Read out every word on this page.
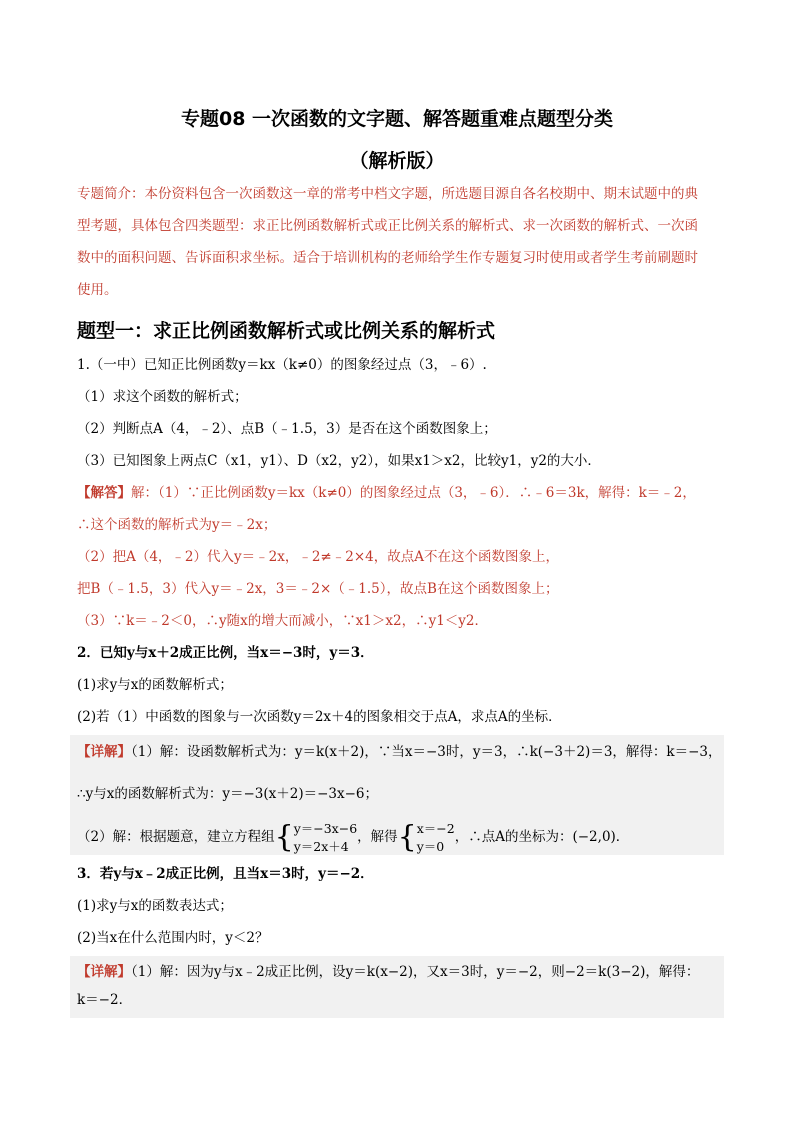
专题08 一次函数的文字题、解答题重难点题型分类
（解析版）
专题简介：本份资料包含一次函数这一章的常考中档文字题，所选题目源自各名校期中、期末试题中的典
型考题，具体包含四类题型：求正比例函数解析式或正比例关系的解析式、求一次函数的解析式、一次函
数中的面积问题、告诉面积求坐标。适合于培训机构的老师给学生作专题复习时使用或者学生考前刷题时
使用。
题型一：求正比例函数解析式或比例关系的解析式
1.（一中）已知正比例函数y＝kx（k≠0）的图象经过点（3，﹣6）.
（1）求这个函数的解析式；
（2）判断点A（4，﹣2）、点B（﹣1.5，3）是否在这个函数图象上；
（3）已知图象上两点C（x1，y1）、D（x2，y2），如果x1＞x2，比较y1，y2的大小．
【解答】解：（1）∵正比例函数y＝kx（k≠0）的图象经过点（3，﹣6）．∴﹣6＝3k，解得：k＝﹣2，
∴这个函数的解析式为y＝﹣2x；
（2）把A（4，﹣2）代入y＝﹣2x，﹣2≠﹣2×4，故点A不在这个函数图象上，
把B（﹣1.5，3）代入y＝﹣2x，3＝﹣2×（﹣1.5），故点B在这个函数图象上；
（3）∵k＝﹣2＜0，∴y随x的增大而减小，∵x1＞x2，∴y1＜y2．
2．已知y与x＋2成正比例，当x＝−3时，y＝3．
(1)求y与x的函数解析式；
(2)若（1）中函数的图象与一次函数y＝2x＋4的图象相交于点A，求点A的坐标．
【详解】（1）解：设函数解析式为：y＝k(x＋2)，∵当x＝−3时，y＝3，∴k(−3＋2)＝3，解得：k＝−3，
∴y与x的函数解析式为：y＝−3(x＋2)＝−3x−6；
（2）解：根据题意，建立方程组{ y＝−3x−6
y＝2x＋4
，解得{ x＝−2
y＝0
，∴点A的坐标为：(−2,0)．
3．若y与x﹣2成正比例，且当x＝3时，y＝−2．
(1)求y与x的函数表达式；
(2)当x在什么范围内时，y＜2？
【详解】（1）解：因为y与x﹣2成正比例，设y＝k(x−2)，又x＝3时，y＝−2，则−2＝k(3−2)，解得：
k＝−2．
